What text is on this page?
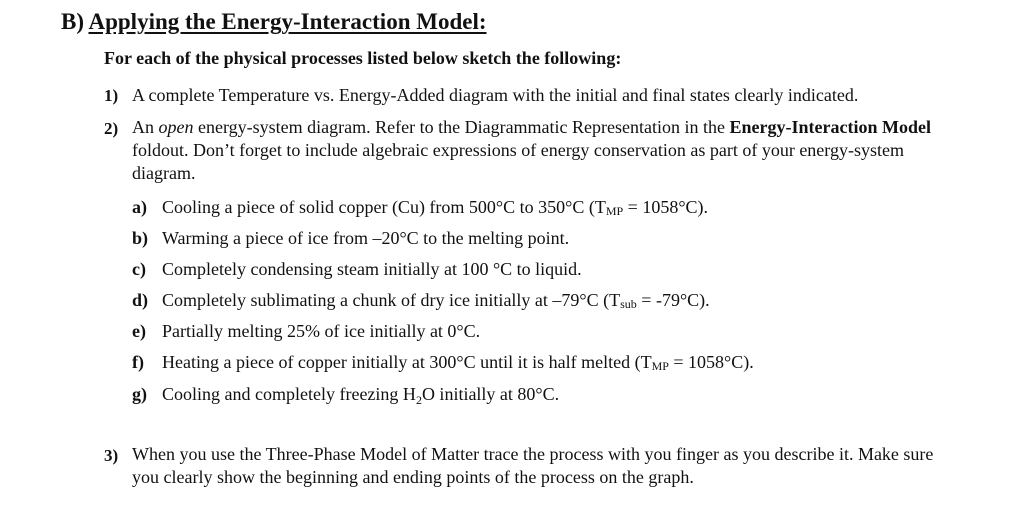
B) Applying the Energy-Interaction Model:
For each of the physical processes listed below sketch the following:
1) A complete Temperature vs. Energy-Added diagram with the initial and final states clearly indicated.
2) An open energy-system diagram. Refer to the Diagrammatic Representation in the Energy-Interaction Model foldout. Don’t forget to include algebraic expressions of energy conservation as part of your energy-system diagram.
a) Cooling a piece of solid copper (Cu) from 500°C to 350°C (TMP = 1058°C).
b) Warming a piece of ice from –20°C to the melting point.
c) Completely condensing steam initially at 100 °C to liquid.
d) Completely sublimating a chunk of dry ice initially at –79°C (Tsub = -79°C).
e) Partially melting 25% of ice initially at 0°C.
f) Heating a piece of copper initially at 300°C until it is half melted (TMP = 1058°C).
g) Cooling and completely freezing $H_2O$ initially at 80°C.
3) When you use the Three-Phase Model of Matter trace the process with you finger as you describe it. Make sure you clearly show the beginning and ending points of the process on the graph.
